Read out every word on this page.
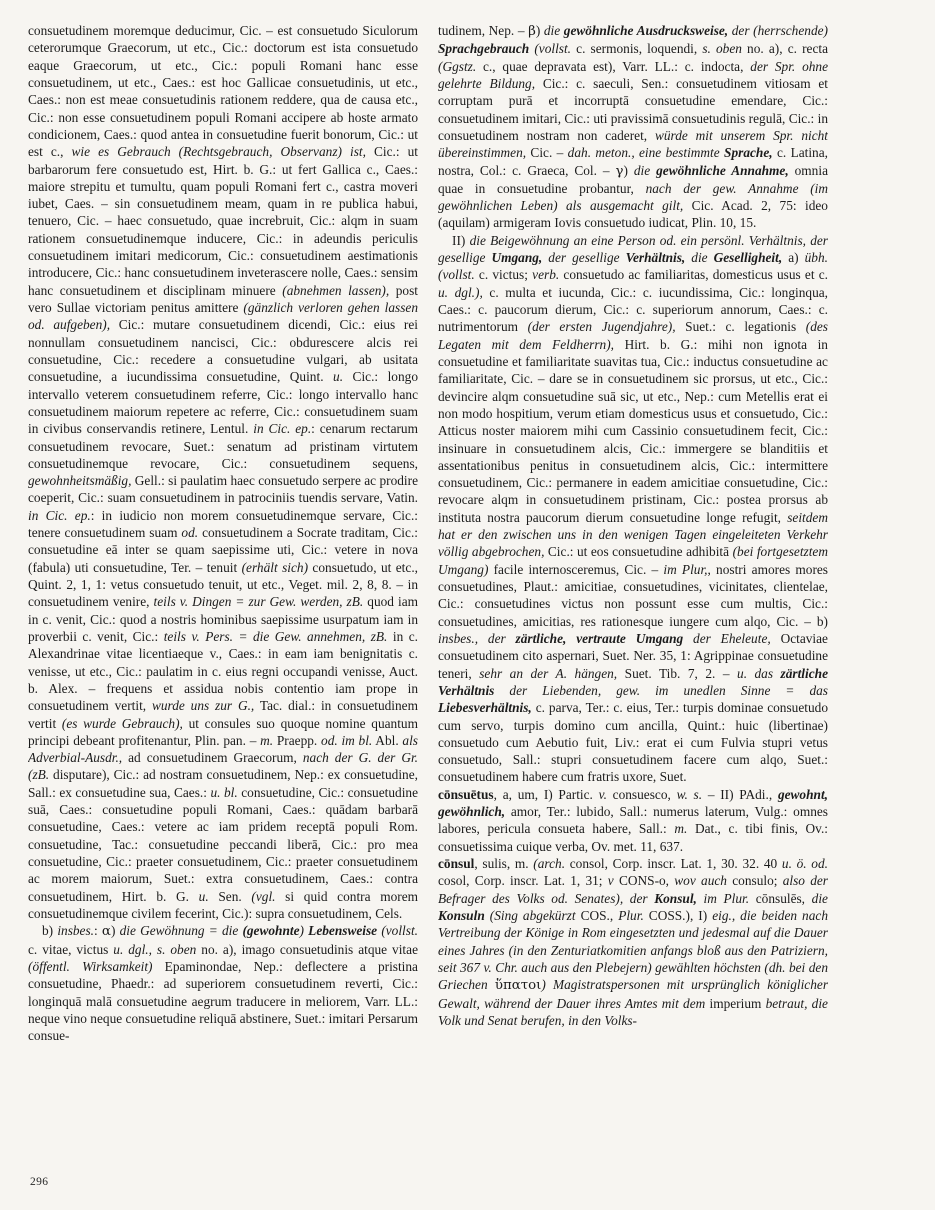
consuetudinem moremque deducimur, Cic. – est consuetudo Siculorum ceterorumque Graecorum, ut etc., Cic.: doctorum est ista consuetudo eaque Graecorum, ut etc., Cic.: populi Romani hanc esse consuetudinem, ut etc., Caes.: est hoc Gallicae consuetudinis, ut etc., Caes.: non est meae consuetudinis rationem reddere, qua de causa etc., Cic.: non esse consuetudinem populi Romani accipere ab hoste armato condicionem, Caes.: quod antea in consuetudine fuerit bonorum, Cic.: ut est c., wie es Gebrauch (Rechtsgebrauch, Observanz) ist, Cic.: ut barbarorum fere consuetudo est, Hirt. b. G.: ut fert Gallica c., Caes.: maiore strepitu et tumultu, quam populi Romani fert c., castra moveri iubet, Caes. – sin consuetudinem meam, quam in re publica habui, tenuero, Cic. – haec consuetudo, quae increbruit, Cic.: alqm in suam rationem consuetudinemque inducere, Cic.: in adeundis periculis consuetudinem imitari medicorum, Cic.: consuetudinem aestimationis introducere, Cic.: hanc consuetudinem inveterascere nolle, Caes.: sensim hanc consuetudinem et disciplinam minuere (abnehmen lassen), post vero Sullae victoriam penitus amittere (gänzlich verloren gehen lassen od. aufgeben), Cic.: mutare consuetudinem dicendi, Cic.: eius rei nonnullam consuetudinem nancisci, Cic.: obdurescere alcis rei consuetudine, Cic.: recedere a consuetudine vulgari, ab usitata consuetudine, a iucundissima consuetudine, Quint. u. Cic.: longo intervallo veterem consuetudinem referre, Cic.: longo intervallo hanc consuetudinem maiorum repetere ac referre, Cic.: consuetudinem suam in civibus conservandis retinere, Lentul. in Cic. ep.: cenarum rectarum consuetudinem revocare, Suet.: senatum ad pristinam virtutem consuetudinemque revocare, Cic.: consuetudinem sequens, gewohnheitsmäßig, Gell.: si paulatim haec consuetudo serpere ac prodire coeperit, Cic.: suam consuetudinem in patrociniis tuendis servare, Vatin. in Cic. ep.: in iudicio non morem consuetudinemque servare, Cic.: tenere consuetudinem suam od. consuetudinem a Socrate traditam, Cic.: consuetudine eā inter se quam saepissime uti, Cic.: vetere in nova (fabula) uti consuetudine, Ter. – tenuit (erhält sich) consuetudo, ut etc., Quint. 2, 1, 1: vetus consuetudo tenuit, ut etc., Veget. mil. 2, 8, 8. – in consuetudinem venire, teils v. Dingen = zur Gew. werden, zB. quod iam in c. venit, Cic.: quod a nostris hominibus saepissime usurpatum iam in proverbii c. venit, Cic.: teils v. Pers. = die Gew. annehmen, zB. in c. Alexandrinae vitae licentiaeque v., Caes.: in eam iam benignitatis c. venisse, ut etc., Cic.: paulatim in c. eius regni occupandi venisse, Auct. b. Alex. – frequens et assidua nobis contentio iam prope in consuetudinem vertit, wurde uns zur G., Tac. dial.: in consuetudinem vertit (es wurde Gebrauch), ut consules suo quoque nomine quantum principi debeant profitenantur, Plin. pan. – m. Praepp. od. im bl. Abl. als Adverbial-Ausdr., ad consuetudinem Graecorum, nach der G. der Gr. (zB. disputare), Cic.: ad nostram consuetudinem, Nep.: ex consuetudine, Sall.: ex consuetudine sua, Caes.: u. bl. consuetudine, Cic.: consuetudine suā, Caes.: consuetudine populi Romani, Caes.: quādam barbarā consuetudine, Caes.: vetere ac iam pridem receptā populi Rom. consuetudine, Tac.: consuetudine peccandi liberā, Cic.: pro mea consuetudine, Cic.: praeter consuetudinem, Cic.: praeter consuetudinem ac morem maiorum, Suet.: extra consuetudinem, Caes.: contra consuetudinem, Hirt. b. G. u. Sen. (vgl. si quid contra morem consuetudinemque civilem fecerint, Cic.): supra consuetudinem, Cels.

b) insbes.: α) die Gewöhnung = die (gewohnte) Lebensweise (vollst. c. vitae, victus u. dgl., s. oben no. a), imago consuetudinis atque vitae (öffentl. Wirksamkeit) Epaminondae, Nep.: deflectere a pristina consuetudine, Phaedr.: ad superiorem consuetudinem reverti, Cic.: longinquā malā consuetudine aegrum traducere in meliorem, Varr. LL.: neque vino neque consuetudine reliquā abstinere, Suet.: imitari Persarum consue-

tudinem, Nep. – β) die gewöhnliche Ausdrucksweise, der (herrschende) Sprachgebrauch (vollst. c. sermonis, loquendi, s. oben no. a), c. recta (Ggstz. c., quae depravata est), Varr. LL.: c. indocta, der Spr. ohne gelehrte Bildung, Cic.: c. saeculi, Sen.: consuetudinem vitiosam et corruptam purā et incorruptā consuetudine emendare, Cic.: consuetudinem imitari, Cic.: uti pravissimā consuetudinis regulā, Cic.: in consuetudinem nostram non caderet, würde mit unserem Spr. nicht übereinstimmen, Cic. – dah. meton., eine bestimmte Sprache, c. Latina, nostra, Col.: c. Graeca, Col. – γ) die gewöhnliche Annahme, omnia quae in consuetudine probantur, nach der gew. Annahme (im gewöhnlichen Leben) als ausgemacht gilt, Cic. Acad. 2, 75: ideo (aquilam) armigeram Iovis consuetudo iudicat, Plin. 10, 15.

II) die Beigewöhnung an eine Person od. ein persönl. Verhältnis, der gesellige Umgang, der gesellige Verhältnis, die Geselligheit, a) übh. (vollst. c. victus; verb. consuetudo ac familiaritas, domesticus usus et c. u. dgl.), c. multa et iucunda, Cic.: c. iucundissima, Cic.: longinqua, Caes.: c. paucorum dierum, Cic.: c. superiorum annorum, Caes.: c. nutrimentorum (der ersten Jugendjahre), Suet.: c. legationis (des Legaten mit dem Feldherrn), Hirt. b. G.: mihi non ignota in consuetudine et familiaritate suavitas tua, Cic.: inductus consuetudine ac familiaritate, Cic. – dare se in consuetudinem sic prorsus, ut etc., Cic.: devincire alqm consuetudine suā sic, ut etc., Nep.: cum Metellis erat ei non modo hospitium, verum etiam domesticus usus et consuetudo, Cic.: Atticus noster maiorem mihi cum Cassinio consuetudinem fecit, Cic.: insinuare in consuetudinem alcis, Cic.: immergere se blanditiis et assentationibus penitus in consuetudinem alcis, Cic.: intermittere consuetudinem, Cic.: permanere in eadem amicitiae consuetudine, Cic.: revocare alqm in consuetudinem pristinam, Cic.: postea prorsus ab instituta nostra paucorum dierum consuetudine longe refugit, seitdem hat er den zwischen uns in den wenigen Tagen eingeleiteten Verkehr völlig abgebrochen, Cic.: ut eos consuetudine adhibitā (bei fortgesetztem Umgang) facile internosceremus, Cic. – im Plur,, nostri amores mores consuetudines, Plaut.: amicitiae, consuetudines, vicinitates, clientelae, Cic.: consuetudines victus non possunt esse cum multis, Cic.: consuetudines, amicitias, res rationesque iungere cum alqo, Cic. – b) insbes., der zärtliche, vertraute Umgang der Eheleute, Octaviae consuetudinem cito aspernari, Suet. Ner. 35, 1: Agrippinae consuetudine teneri, sehr an der A. hängen, Suet. Tib. 7, 2. – u. das zärtliche Verhältnis der Liebenden, gew. im unedlen Sinne = das Liebesverhältnis, c. parva, Ter.: c. eius, Ter.: turpis dominae consuetudo cum servo, turpis domino cum ancilla, Quint.: huic (libertinae) consuetudo cum Aebutio fuit, Liv.: erat ei cum Fulvia stupri vetus consuetudo, Sall.: stupri consuetudinem facere cum alqo, Suet.: consuetudinem habere cum fratris uxore, Suet.

cōnsuētus, a, um, I) Partic. v. consuesco, w. s. – II) PAdi., gewohnt, gewöhnlich, amor, Ter.: lubido, Sall.: numerus laterum, Vulg.: omnes labores, pericula consueta habere, Sall.: m. Dat., c. tibi finis, Ov.: consuetissima cuique verba, Ov. met. 11, 637.

cōnsul, sulis, m. (arch. consol, Corp. inscr. Lat. 1, 30. 32. 40 u. ö. od. cosol, Corp. inscr. Lat. 1, 31; v CONS-o, wov auch consulo; also der Befrager des Volks od. Senates), der Konsul, im Plur. cōnsulēs, die Konsuln (Sing abgekürzt COS., Plur. COSS.), I) eig., die beiden nach Vertreibung der Könige in Rom eingesetzten und jedesmal auf die Dauer eines Jahres (in den Zenturiatkomitien anfangs bloß aus den Patriziern, seit 367 v. Chr. auch aus den Plebejern) gewählten höchsten (dh. bei den Griechen ὕπατοι) Magistratspersonen mit ursprünglich königlicher Gewalt, während der Dauer ihres Amtes mit dem imperium betraut, die Volk und Senat berufen, in den Volks-

296
